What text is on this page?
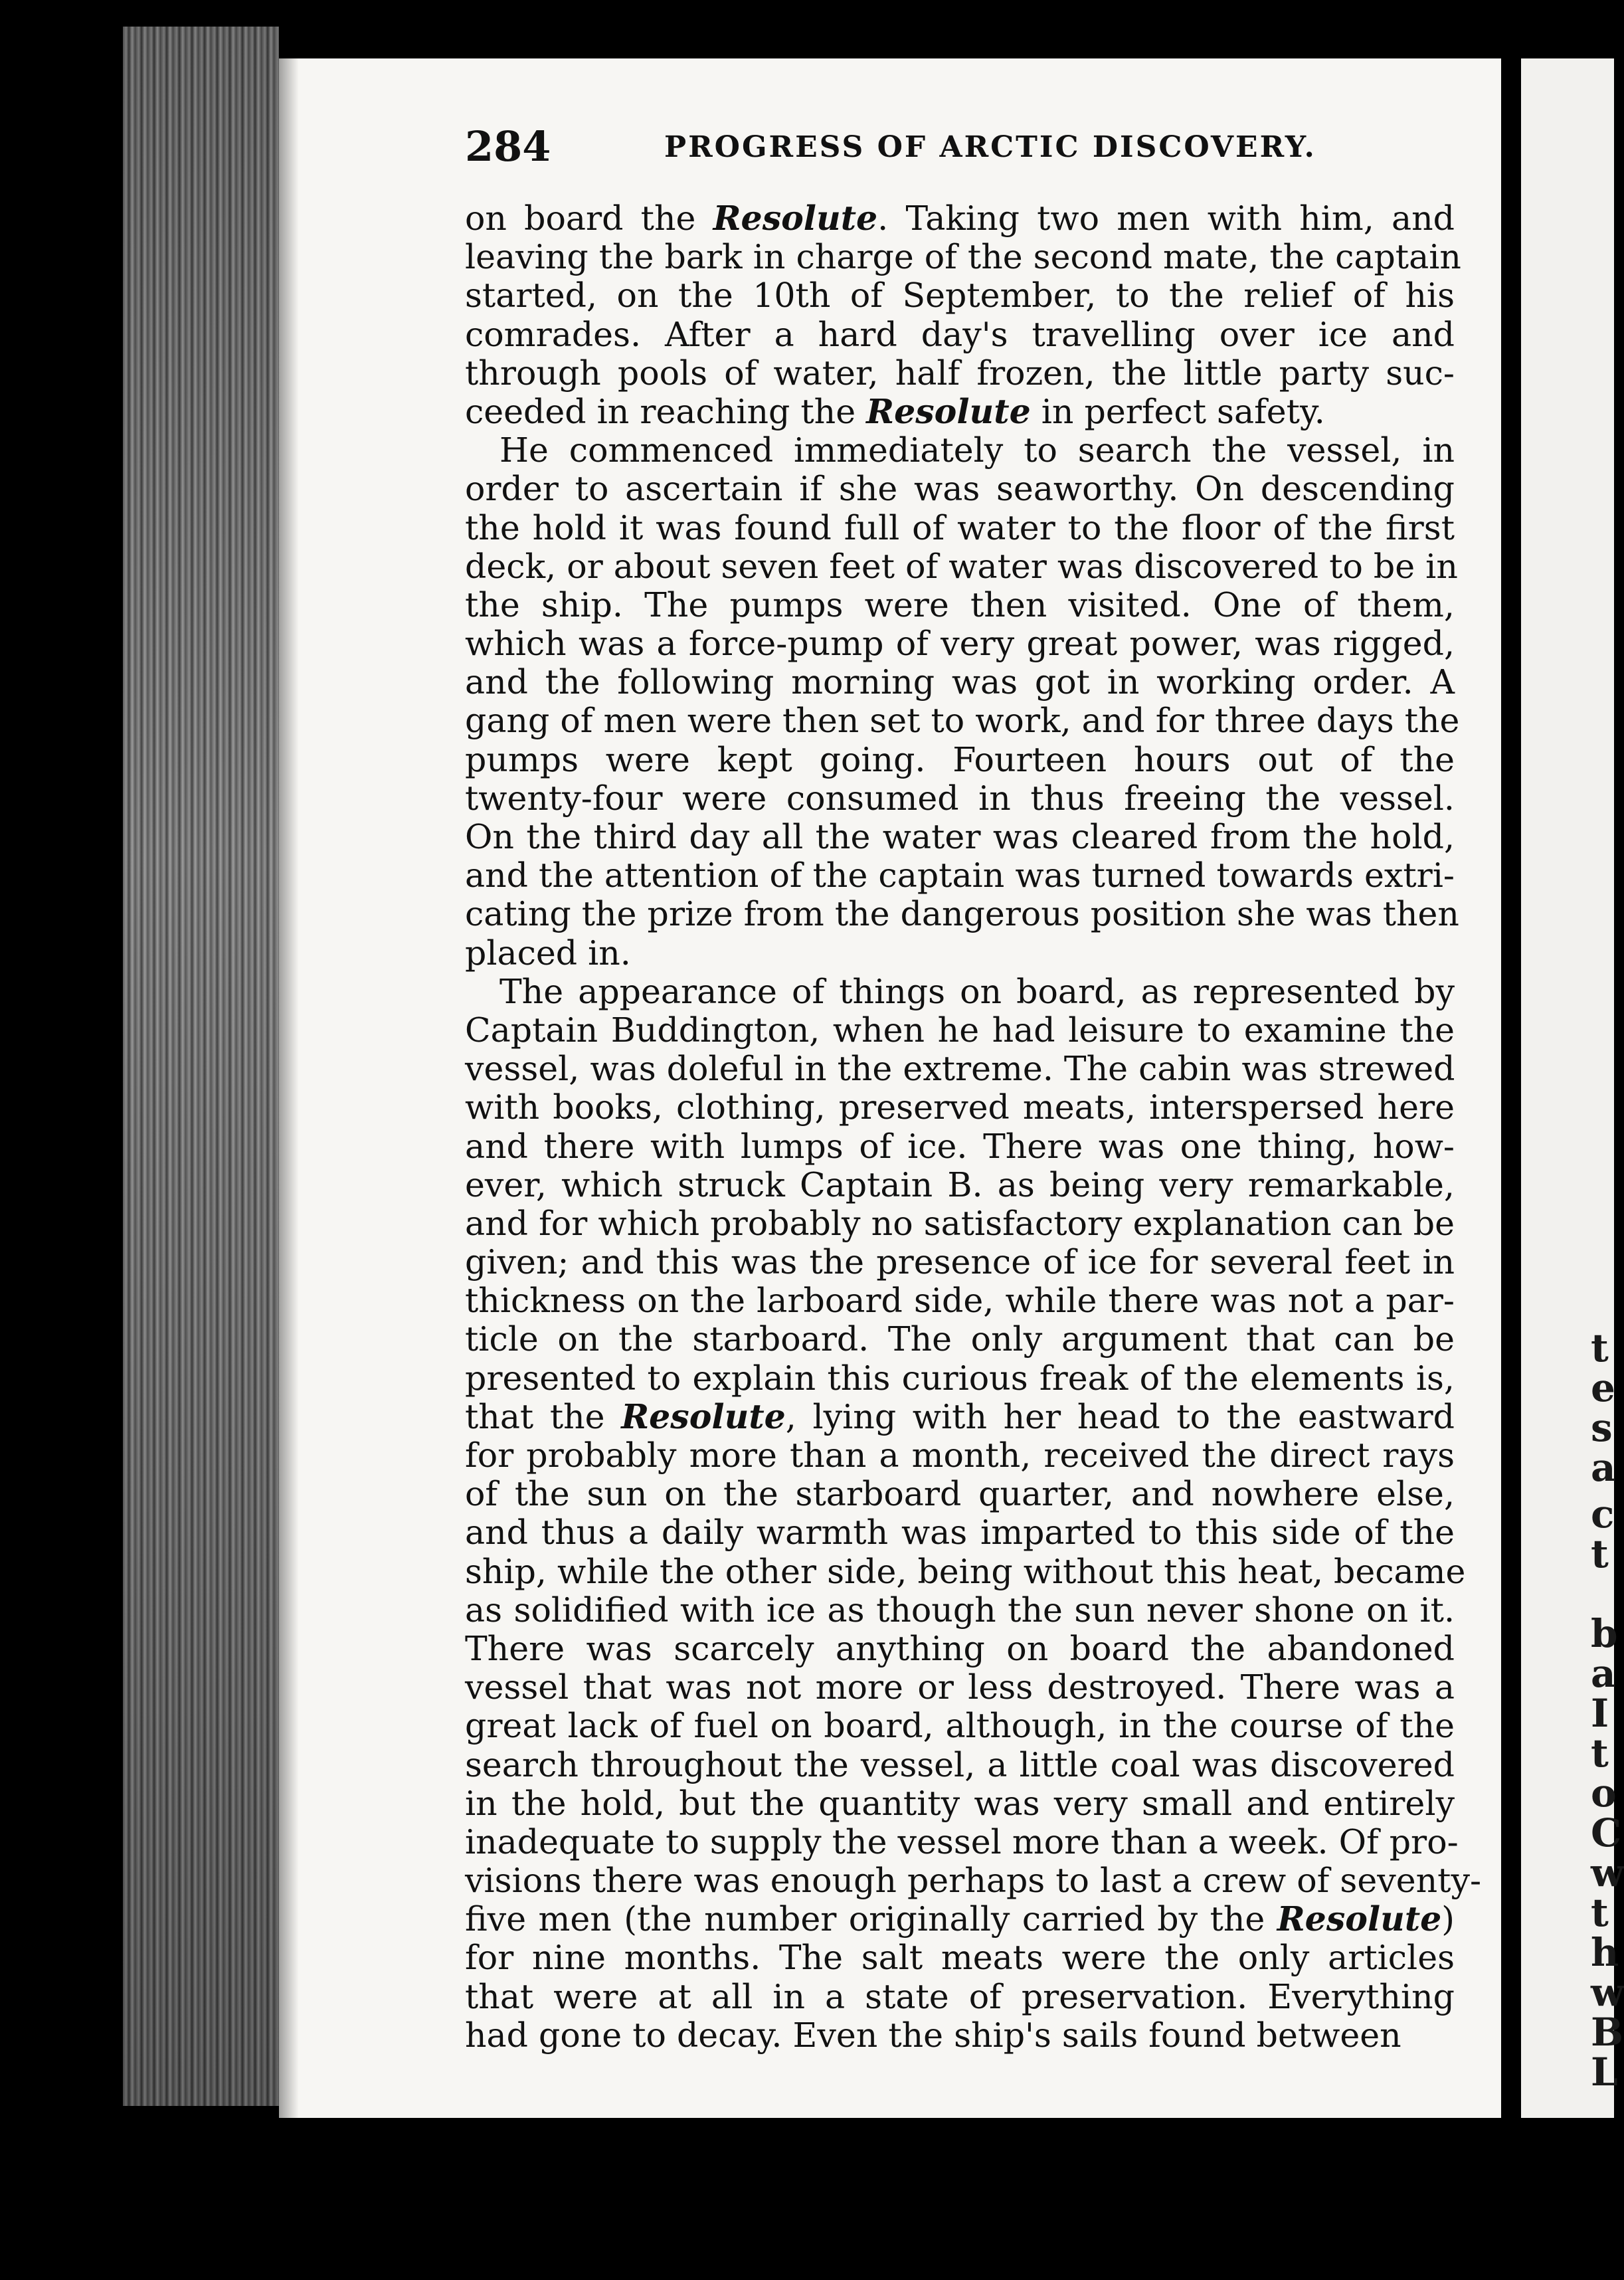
t
e
s
a
c
t
b
a
I
t
o
C
w
t
h
w
B
L
284	PROGRESS OF ARCTIC DISCOVERY.
on board the Resolute. Taking two men with him, and
leaving the bark in charge of the second mate, the captain
started, on the 10th of September, to the relief of his
comrades. After a hard day's travelling over ice and
through pools of water, half frozen, the little party suc-
ceeded in reaching the Resolute in perfect safety.
He commenced immediately to search the vessel, in
order to ascertain if she was seaworthy. On descending
the hold it was found full of water to the floor of the first
deck, or about seven feet of water was discovered to be in
the ship. The pumps were then visited. One of them,
which was a force-pump of very great power, was rigged,
and the following morning was got in working order. A
gang of men were then set to work, and for three days the
pumps were kept going. Fourteen hours out of the
twenty-four were consumed in thus freeing the vessel.
On the third day all the water was cleared from the hold,
and the attention of the captain was turned towards extri-
cating the prize from the dangerous position she was then
placed in.
The appearance of things on board, as represented by
Captain Buddington, when he had leisure to examine the
vessel, was doleful in the extreme. The cabin was strewed
with books, clothing, preserved meats, interspersed here
and there with lumps of ice. There was one thing, how-
ever, which struck Captain B. as being very remarkable,
and for which probably no satisfactory explanation can be
given; and this was the presence of ice for several feet in
thickness on the larboard side, while there was not a par-
ticle on the starboard. The only argument that can be
presented to explain this curious freak of the elements is,
that the Resolute, lying with her head to the eastward
for probably more than a month, received the direct rays
of the sun on the starboard quarter, and nowhere else,
and thus a daily warmth was imparted to this side of the
ship, while the other side, being without this heat, became
as solidified with ice as though the sun never shone on it.
There was scarcely anything on board the abandoned
vessel that was not more or less destroyed. There was a
great lack of fuel on board, although, in the course of the
search throughout the vessel, a little coal was discovered
in the hold, but the quantity was very small and entirely
inadequate to supply the vessel more than a week. Of pro-
visions there was enough perhaps to last a crew of seventy-
five men (the number originally carried by the Resolute)
for nine months. The salt meats were the only articles
that were at all in a state of preservation. Everything
had gone to decay. Even the ship's sails found between
